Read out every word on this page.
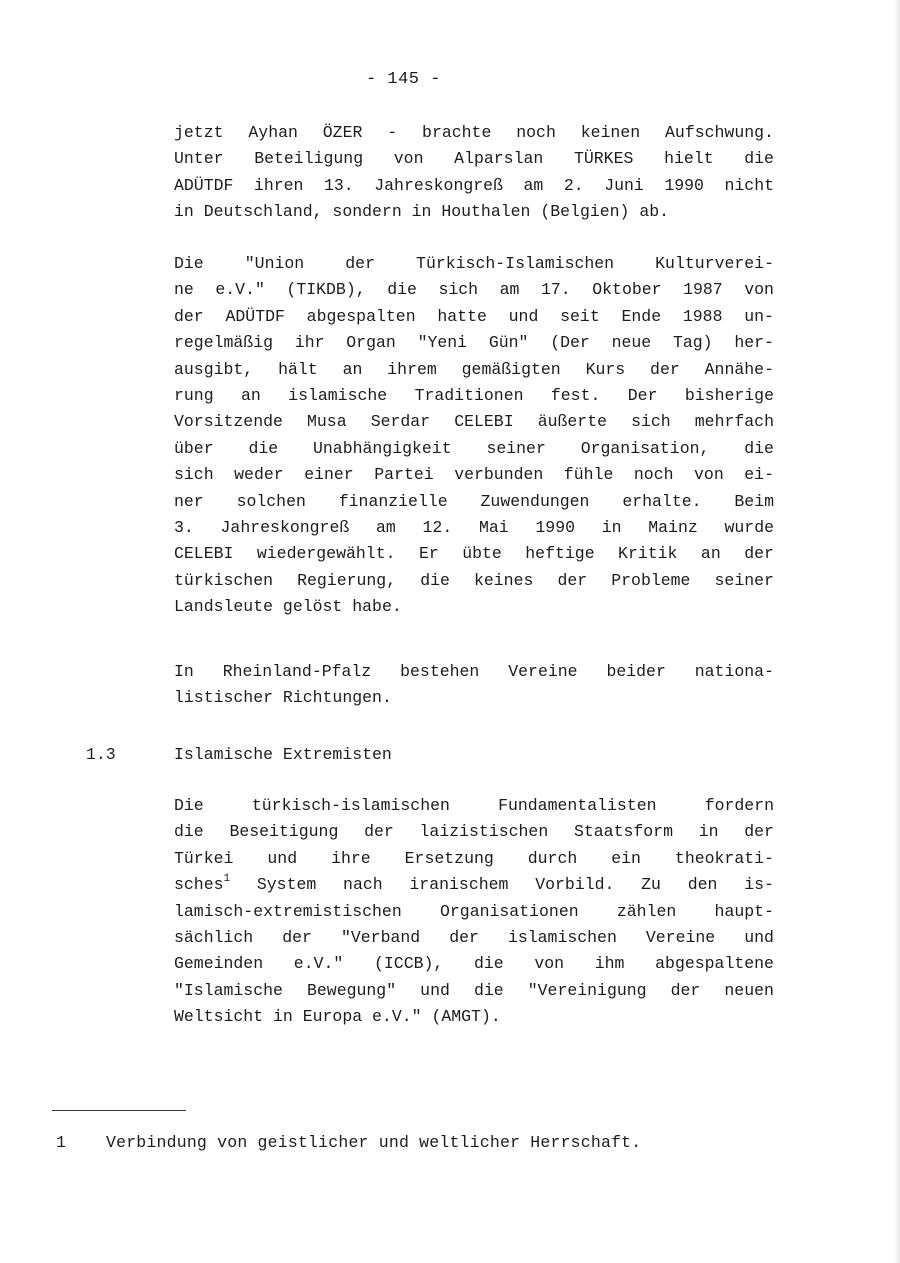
- 145 -
jetzt Ayhan ÖZER - brachte noch keinen Aufschwung.
Unter Beteiligung von Alparslan TÜRKES hielt die
ADÜTDF ihren 13. Jahreskongreß am 2. Juni 1990 nicht
in Deutschland, sondern in Houthalen (Belgien) ab.
Die "Union der Türkisch-Islamischen Kulturverei-
ne e.V." (TIKDB), die sich am 17. Oktober 1987 von
der ADÜTDF abgespalten hatte und seit Ende 1988 un-
regelmäßig ihr Organ "Yeni Gün" (Der neue Tag) her-
ausgibt, hält an ihrem gemäßigten Kurs der Annähe-
rung an islamische Traditionen fest. Der bisherige
Vorsitzende Musa Serdar CELEBI äußerte sich mehrfach
über die Unabhängigkeit seiner Organisation, die
sich weder einer Partei verbunden fühle noch von ei-
ner solchen finanzielle Zuwendungen erhalte. Beim
3. Jahreskongreß am 12. Mai 1990 in Mainz wurde
CELEBI wiedergewählt. Er übte heftige Kritik an der
türkischen Regierung, die keines der Probleme seiner
Landsleute gelöst habe.
In Rheinland-Pfalz bestehen Vereine beider nationa-
listischer Richtungen.
1.3	Islamische Extremisten
Die	türkisch-islamischen	Fundamentalisten	fordern
die Beseitigung der laizistischen Staatsform in der
Türkei und ihre Ersetzung durch ein theokrati-
sches$^1$ System nach iranischem Vorbild. Zu den is-
lamisch-extremistischen Organisationen zählen haupt-
sächlich der "Verband der islamischen Vereine und
Gemeinden e.V." (ICCB), die von ihm abgespaltene
"Islamische Bewegung" und die "Vereinigung der neuen
Weltsicht in Europa e.V." (AMGT).
1 Verbindung von geistlicher und weltlicher Herrschaft.
